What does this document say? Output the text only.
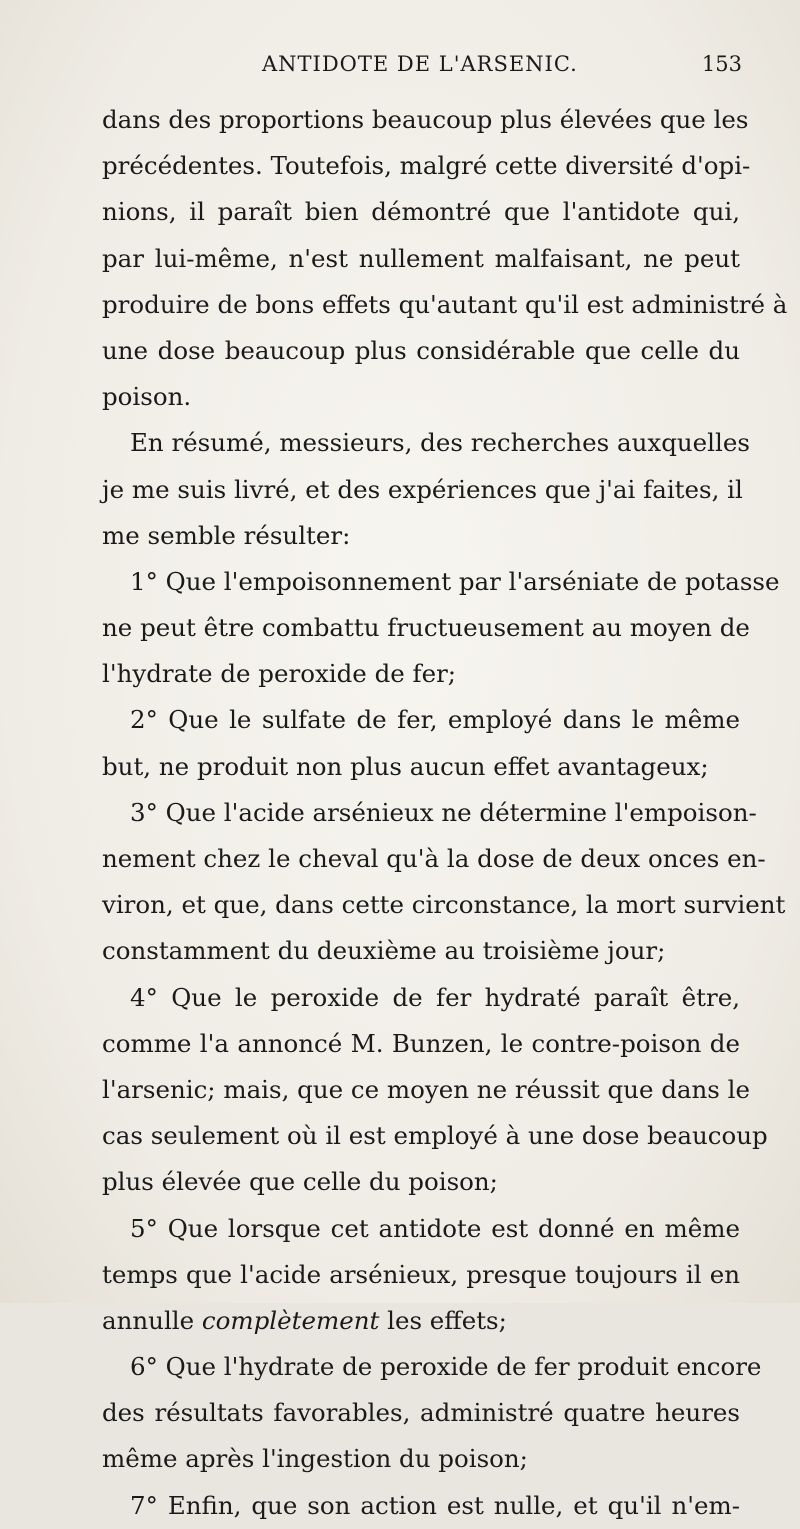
ANTIDOTE DE L'ARSENIC.	153
dans des proportions beaucoup plus élevées que les
précédentes. Toutefois, malgré cette diversité d'opi-
nions, il paraît bien démontré que l'antidote qui,
par lui-même, n'est nullement malfaisant, ne peut
produire de bons effets qu'autant qu'il est administré à
une dose beaucoup plus considérable que celle du
poison.
En résumé, messieurs, des recherches auxquelles
je me suis livré, et des expériences que j'ai faites, il
me semble résulter:
1° Que l'empoisonnement par l'arséniate de potasse
ne peut être combattu fructueusement au moyen de
l'hydrate de peroxide de fer;
2° Que le sulfate de fer, employé dans le même
but, ne produit non plus aucun effet avantageux;
3° Que l'acide arsénieux ne détermine l'empoison-
nement chez le cheval qu'à la dose de deux onces en-
viron, et que, dans cette circonstance, la mort survient
constamment du deuxième au troisième jour;
4° Que le peroxide de fer hydraté paraît être,
comme l'a annoncé M. Bunzen, le contre-poison de
l'arsenic; mais, que ce moyen ne réussit que dans le
cas seulement où il est employé à une dose beaucoup
plus élevée que celle du poison;
5° Que lorsque cet antidote est donné en même
temps que l'acide arsénieux, presque toujours il en
annulle complètement les effets;
6° Que l'hydrate de peroxide de fer produit encore
des résultats favorables, administré quatre heures
même après l'ingestion du poison;
7° Enfin, que son action est nulle, et qu'il n'em-
